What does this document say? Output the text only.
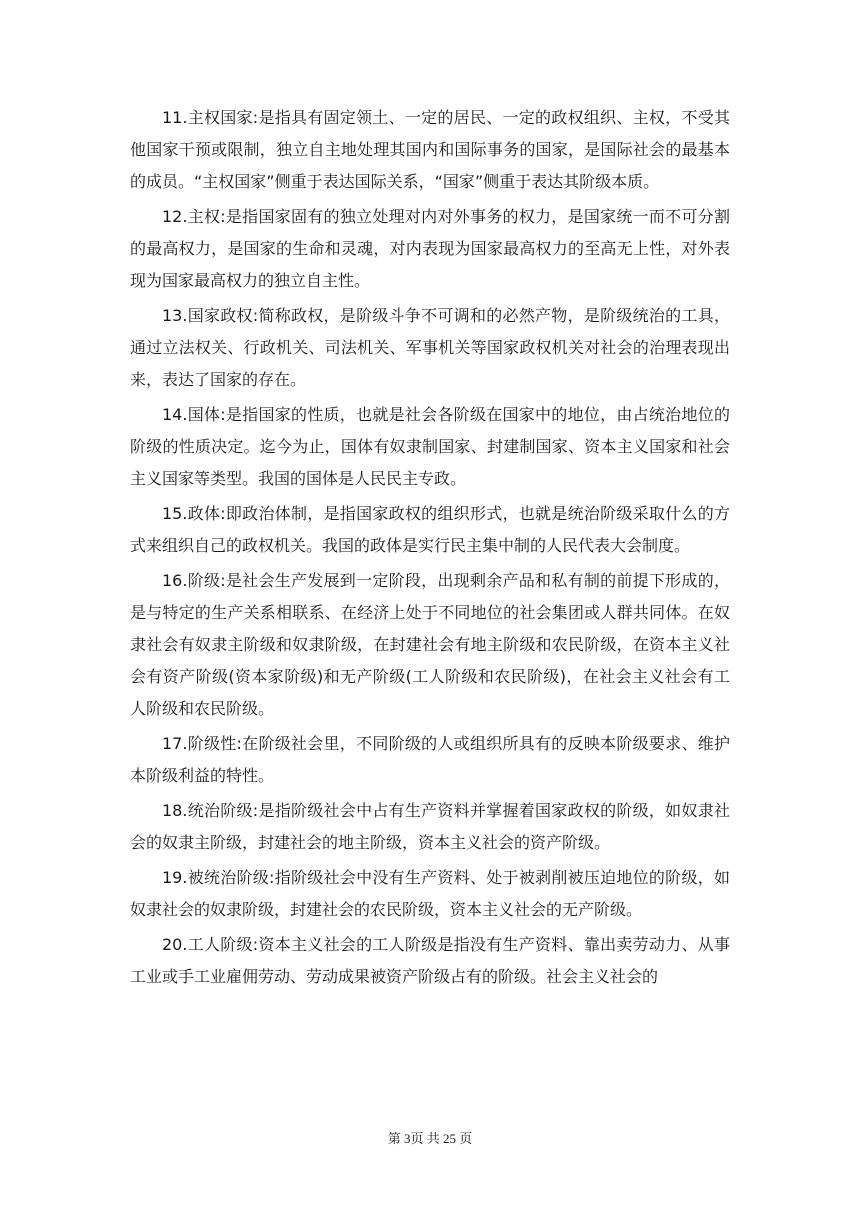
11.主权国家:是指具有固定领土、一定的居民、一定的政权组织、主权，不受其他国家干预或限制，独立自主地处理其国内和国际事务的国家，是国际社会的最基本的成员。“主权国家”侧重于表达国际关系，“国家”侧重于表达其阶级本质。

12.主权:是指国家固有的独立处理对内对外事务的权力，是国家统一而不可分割的最高权力，是国家的生命和灵魂，对内表现为国家最高权力的至高无上性，对外表现为国家最高权力的独立自主性。

13.国家政权:简称政权，是阶级斗争不可调和的必然产物，是阶级统治的工具，通过立法权关、行政机关、司法机关、军事机关等国家政权机关对社会的治理表现出来，表达了国家的存在。

14.国体:是指国家的性质，也就是社会各阶级在国家中的地位，由占统治地位的阶级的性质决定。迄今为止，国体有奴隶制国家、封建制国家、资本主义国家和社会主义国家等类型。我国的国体是人民民主专政。

15.政体:即政治体制，是指国家政权的组织形式，也就是统治阶级采取什么的方式来组织自己的政权机关。我国的政体是实行民主集中制的人民代表大会制度。

16.阶级:是社会生产发展到一定阶段，出现剩余产品和私有制的前提下形成的，是与特定的生产关系相联系、在经济上处于不同地位的社会集团或人群共同体。在奴隶社会有奴隶主阶级和奴隶阶级，在封建社会有地主阶级和农民阶级，在资本主义社会有资产阶级(资本家阶级)和无产阶级(工人阶级和农民阶级)，在社会主义社会有工人阶级和农民阶级。

17.阶级性:在阶级社会里，不同阶级的人或组织所具有的反映本阶级要求、维护本阶级利益的特性。

18.统治阶级:是指阶级社会中占有生产资料并掌握着国家政权的阶级，如奴隶社会的奴隶主阶级，封建社会的地主阶级，资本主义社会的资产阶级。

19.被统治阶级:指阶级社会中没有生产资料、处于被剥削被压迫地位的阶级，如奴隶社会的奴隶阶级，封建社会的农民阶级，资本主义社会的无产阶级。

20.工人阶级:资本主义社会的工人阶级是指没有生产资料、靠出卖劳动力、从事工业或手工业雇佣劳动、劳动成果被资产阶级占有的阶级。社会主义社会的

第 3页 共 25 页
